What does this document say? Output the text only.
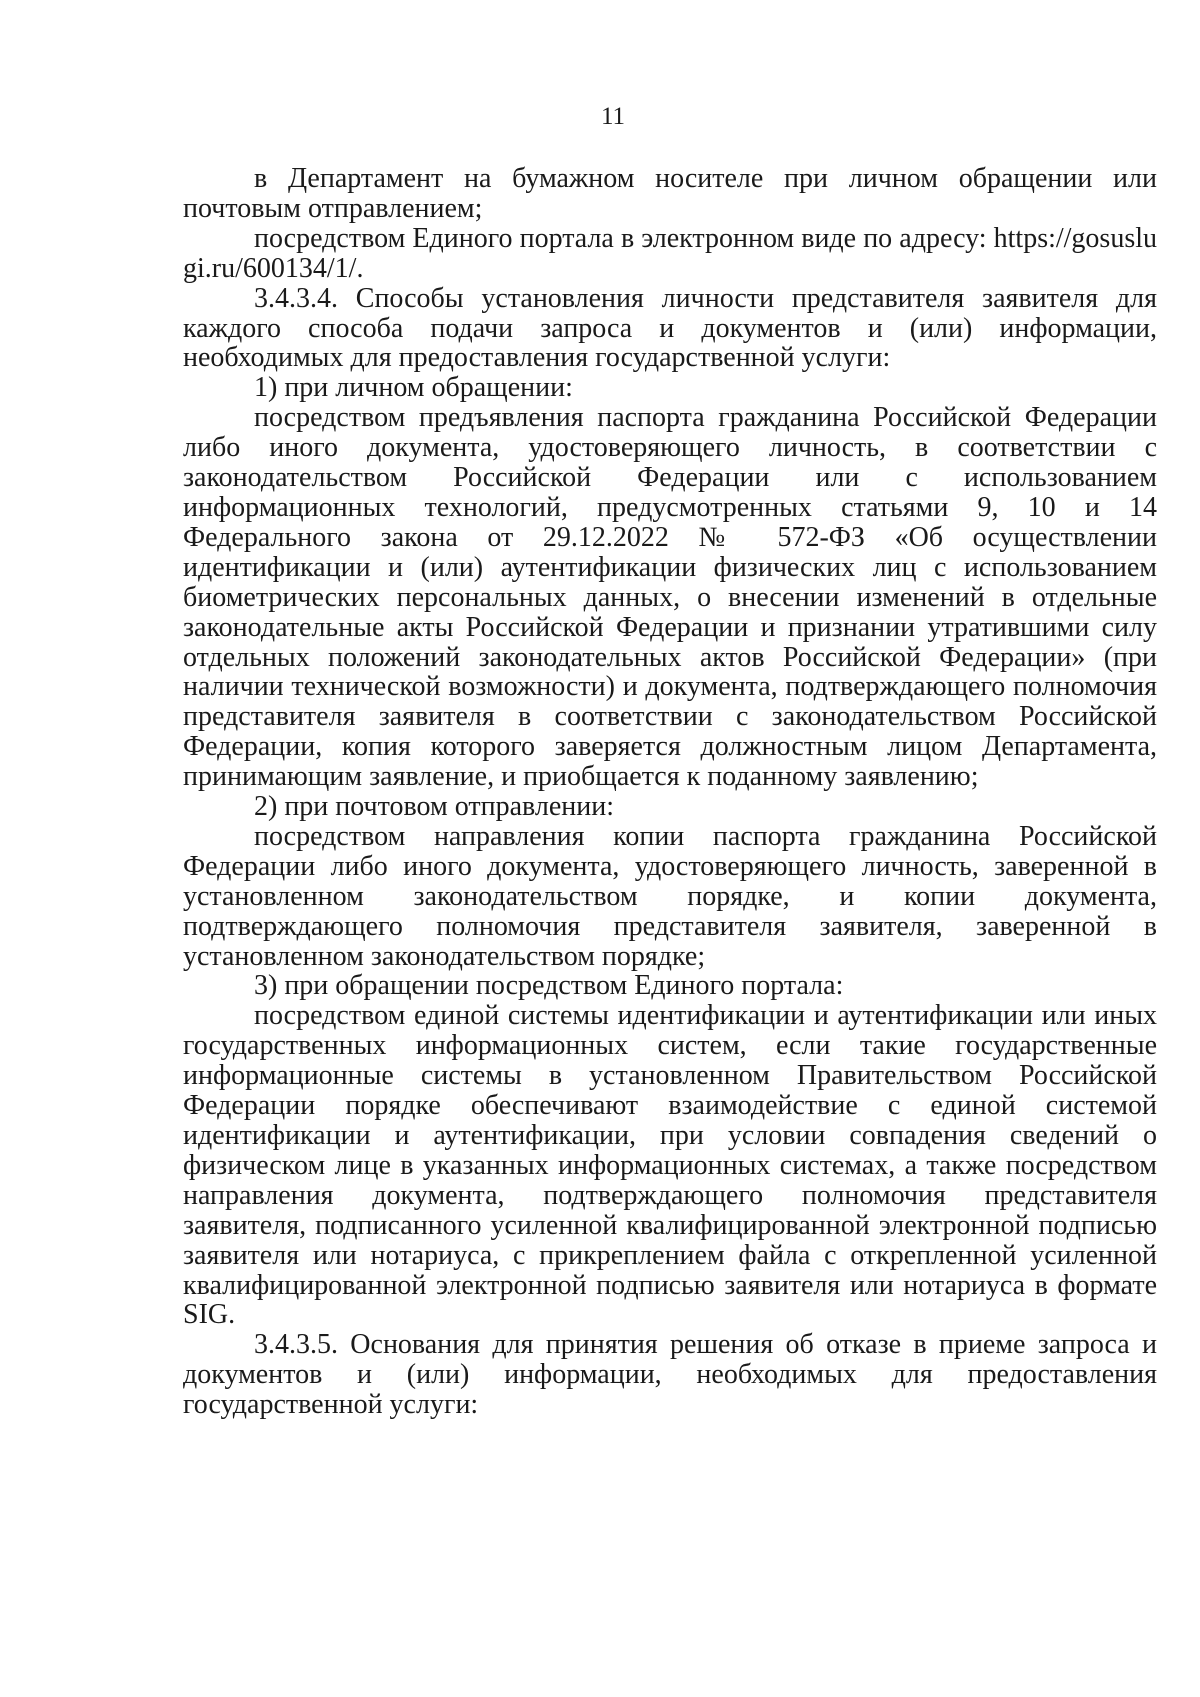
11

в Департамент на бумажном носителе при личном обращении или почтовым отправлением;

посредством Единого портала в электронном виде по адресу: https://gosuslugi.ru/600134/1/.

3.4.3.4. Способы установления личности представителя заявителя для каждого способа подачи запроса и документов и (или) информации, необходимых для предоставления государственной услуги:

1) при личном обращении:

посредством предъявления паспорта гражданина Российской Федерации либо иного документа, удостоверяющего личность, в соответствии с законодательством Российской Федерации или с использованием информационных технологий, предусмотренных статьями 9, 10 и 14 Федерального закона от 29.12.2022 № 572-ФЗ «Об осуществлении идентификации и (или) аутентификации физических лиц с использованием биометрических персональных данных, о внесении изменений в отдельные законодательные акты Российской Федерации и признании утратившими силу отдельных положений законодательных актов Российской Федерации» (при наличии технической возможности) и документа, подтверждающего полномочия представителя заявителя в соответствии с законодательством Российской Федерации, копия которого заверяется должностным лицом Департамента, принимающим заявление, и приобщается к поданному заявлению;

2) при почтовом отправлении:

посредством направления копии паспорта гражданина Российской Федерации либо иного документа, удостоверяющего личность, заверенной в установленном законодательством порядке, и копии документа, подтверждающего полномочия представителя заявителя, заверенной в установленном законодательством порядке;

3) при обращении посредством Единого портала:

посредством единой системы идентификации и аутентификации или иных государственных информационных систем, если такие государственные информационные системы в установленном Правительством Российской Федерации порядке обеспечивают взаимодействие с единой системой идентификации и аутентификации, при условии совпадения сведений о физическом лице в указанных информационных системах, а также посредством направления документа, подтверждающего полномочия представителя заявителя, подписанного усиленной квалифицированной электронной подписью заявителя или нотариуса, с прикреплением файла с открепленной усиленной квалифицированной электронной подписью заявителя или нотариуса в формате SIG.

3.4.3.5. Основания для принятия решения об отказе в приеме запроса и документов и (или) информации, необходимых для предоставления государственной услуги:
